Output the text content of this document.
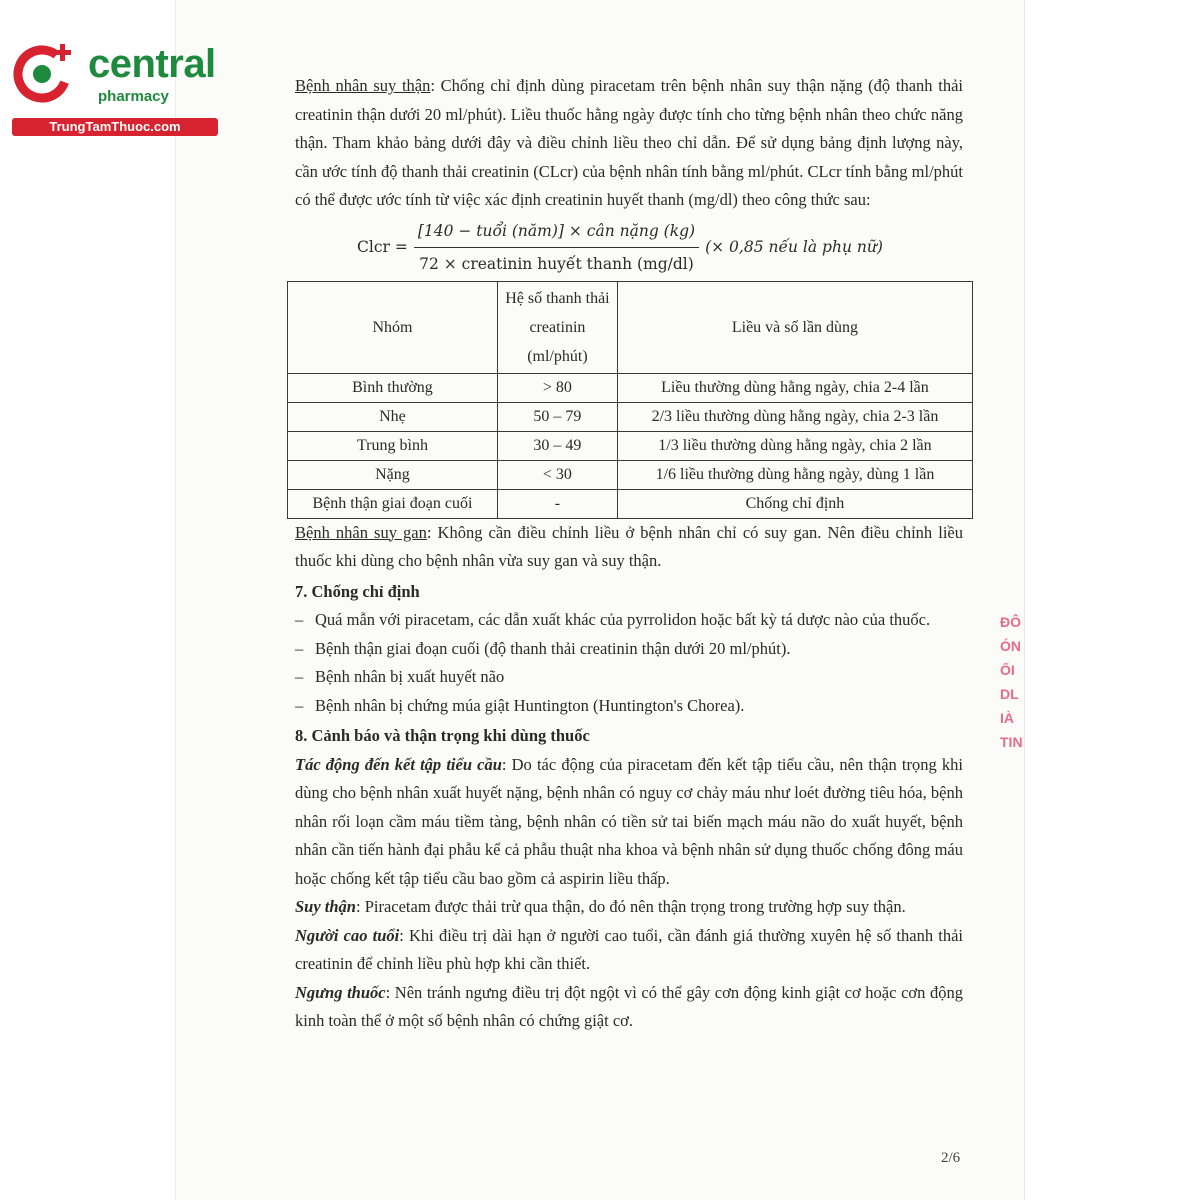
central
pharmacy
TrungTamThuoc.com

Bệnh nhân suy thận: Chống chỉ định dùng piracetam trên bệnh nhân suy thận nặng (độ thanh thải creatinin thận dưới 20 ml/phút). Liều thuốc hằng ngày được tính cho từng bệnh nhân theo chức năng thận. Tham khảo bảng dưới đây và điều chỉnh liều theo chỉ dẫn. Để sử dụng bảng định lượng này, cần ước tính độ thanh thải creatinin (CLcr) của bệnh nhân tính bằng ml/phút. CLcr tính bằng ml/phút có thể được ước tính từ việc xác định creatinin huyết thanh (mg/dl) theo công thức sau:

Clcr = $\frac{\text{[140 − tuổi (năm)] × cân nặng (kg)}}{\text{72 × creatinin huyết thanh (mg/dl)}}$ (× 0,85 nếu là phụ nữ)
Nhóm	Hệ số thanh thải creatinin (ml/phút)	Liều và số lần dùng
Bình thường	> 80	Liều thường dùng hằng ngày, chia 2-4 lần
Nhẹ	50 – 79	2/3 liều thường dùng hằng ngày, chia 2-3 lần
Trung bình	30 – 49	1/3 liều thường dùng hằng ngày, chia 2 lần
Nặng	< 30	1/6 liều thường dùng hằng ngày, dùng 1 lần
Bệnh thận giai đoạn cuối	-	Chống chỉ định

Bệnh nhân suy gan: Không cần điều chỉnh liều ở bệnh nhân chỉ có suy gan. Nên điều chỉnh liều thuốc khi dùng cho bệnh nhân vừa suy gan và suy thận.

7. Chống chỉ định

– Quá mẫn với piracetam, các dẫn xuất khác của pyrrolidon hoặc bất kỳ tá dược nào của thuốc.
– Bệnh thận giai đoạn cuối (độ thanh thải creatinin thận dưới 20 ml/phút).
– Bệnh nhân bị xuất huyết não
– Bệnh nhân bị chứng múa giật Huntington (Huntington's Chorea).

8. Cảnh báo và thận trọng khi dùng thuốc

Tác động đến kết tập tiểu cầu: Do tác động của piracetam đến kết tập tiểu cầu, nên thận trọng khi dùng cho bệnh nhân xuất huyết nặng, bệnh nhân có nguy cơ chảy máu như loét đường tiêu hóa, bệnh nhân rối loạn cầm máu tiềm tàng, bệnh nhân có tiền sử tai biến mạch máu não do xuất huyết, bệnh nhân cần tiến hành đại phẫu kể cả phẫu thuật nha khoa và bệnh nhân sử dụng thuốc chống đông máu hoặc chống kết tập tiểu cầu bao gồm cả aspirin liều thấp.

Suy thận: Piracetam được thải trừ qua thận, do đó nên thận trọng trong trường hợp suy thận.

Người cao tuổi: Khi điều trị dài hạn ở người cao tuổi, cần đánh giá thường xuyên hệ số thanh thải creatinin để chỉnh liều phù hợp khi cần thiết.

Ngưng thuốc: Nên tránh ngưng điều trị đột ngột vì có thể gây cơn động kinh giật cơ hoặc cơn động kinh toàn thể ở một số bệnh nhân có chứng giật cơ.

ĐÔ
ÓN
ỐI
DL
IÀ
TIN
2/6
